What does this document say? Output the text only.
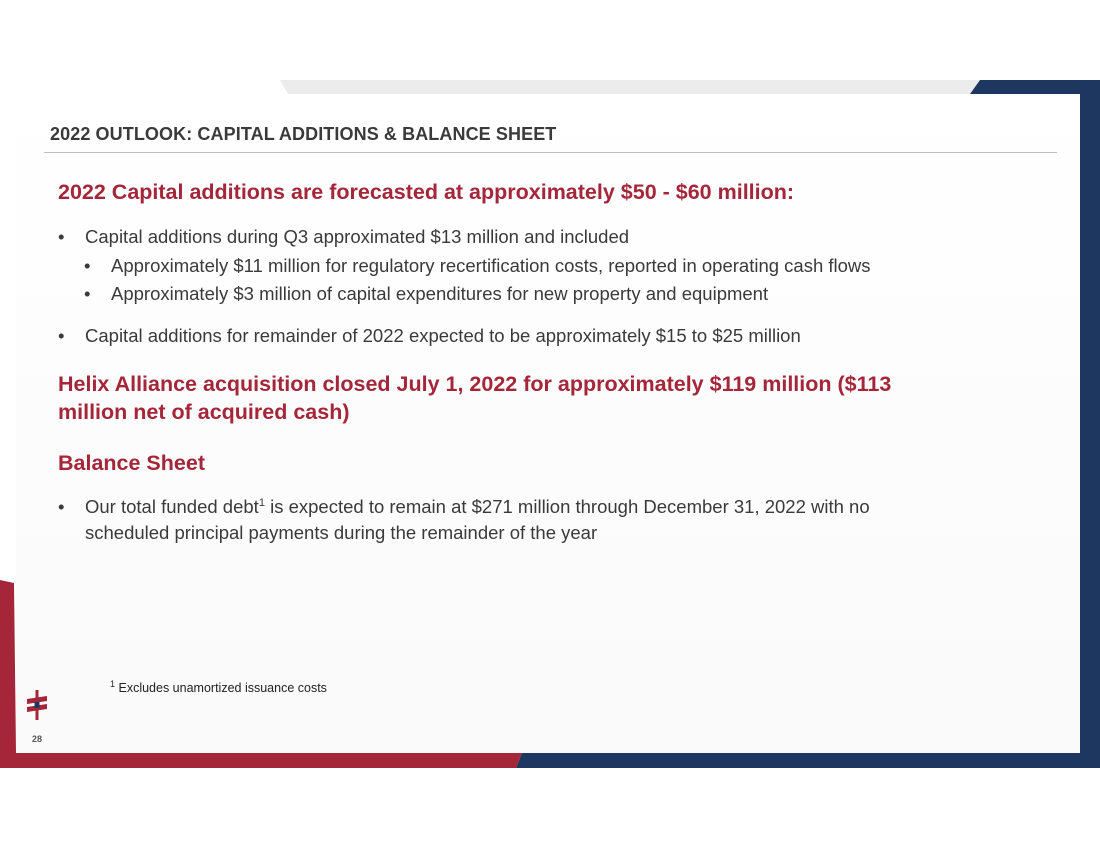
2022 OUTLOOK: CAPITAL ADDITIONS & BALANCE SHEET
2022 Capital additions are forecasted at approximately $50 - $60 million:
• Capital additions during Q3 approximated $13 million and included
• Approximately $11 million for regulatory recertification costs, reported in operating cash flows
• Approximately $3 million of capital expenditures for new property and equipment
• Capital additions for remainder of 2022 expected to be approximately $15 to $25 million
Helix Alliance acquisition closed July 1, 2022 for approximately $119 million ($113
million net of acquired cash)
Balance Sheet
• Our total funded debt$^1$ is expected to remain at $271 million through December 31, 2022 with no
scheduled principal payments during the remainder of the year
$^1$ Excludes unamortized issuance costs
28
